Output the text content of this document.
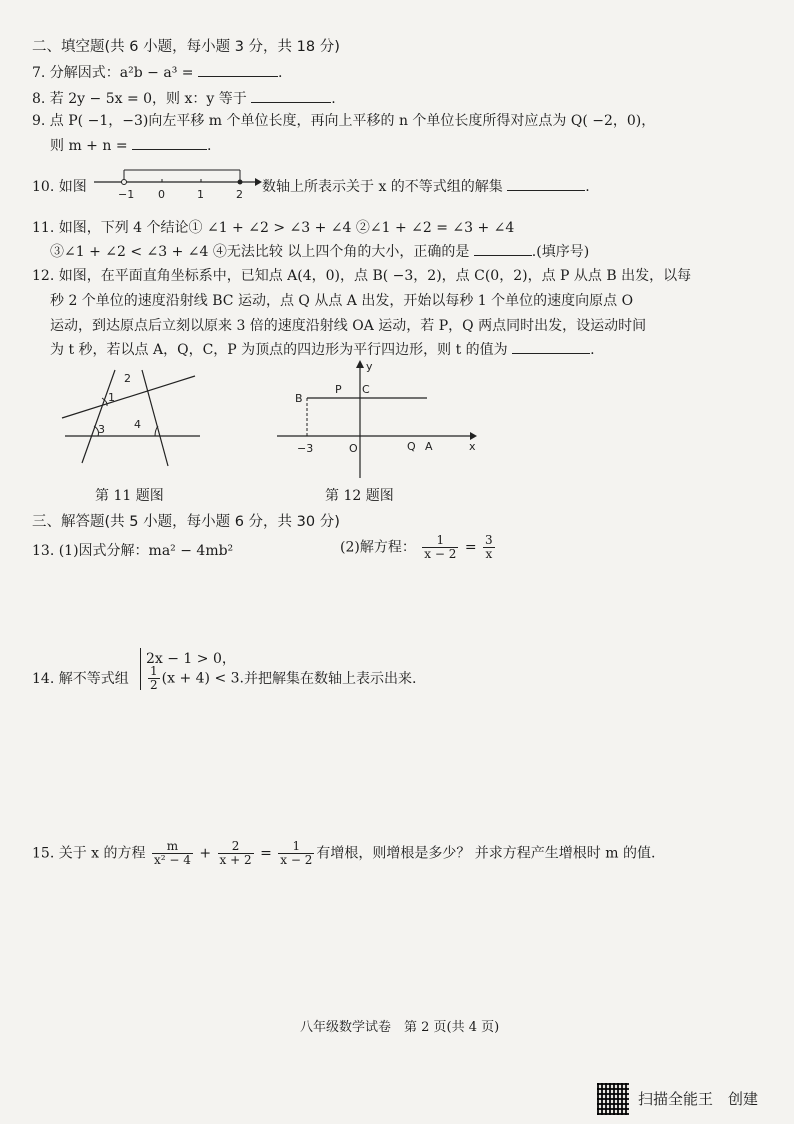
二、填空题(共 6 小题，每小题 3 分，共 18 分)
7. 分解因式：a²b − a³ =	.
8. 若 2y − 5x = 0，则 x：y 等于	.
9. 点 P( −1，−3)向左平移 m 个单位长度，再向上平移的 n 个单位长度所得对应点为 Q( −2，0)，
则 m + n =	.
10. 如图	−1 0	1	2 数轴上所表示关于 x 的不等式组的解集	.
11. 如图，下列 4 个结论① ∠1 + ∠2 > ∠3 + ∠4 ②∠1 + ∠2 = ∠3 + ∠4
③∠1 + ∠2 < ∠3 + ∠4 ④无法比较 以上四个角的大小，正确的是	.(填序号)
12. 如图，在平面直角坐标系中，已知点 A(4，0)，点 B( −3，2)，点 C(0，2)，点 P 从点 B 出发，以每
秒 2 个单位的速度沿射线 BC 运动，点 Q 从点 A 出发，开始以每秒 1 个单位的速度向原点 O
运动，到达原点后立刻以原来 3 倍的速度沿射线 OA 运动，若 P，Q 两点同时出发，设运动时间
为 t 秒，若以点 A，Q，C，P 为顶点的四边形为平行四边形，则 t 的值为	.
1
2
3	4
第 11 题图
y
x
B
P C
O	Q A
−3
第 12 题图
三、解答题(共 5 小题，每小题 6 分，共 30 分)
13. (1)因式分解：ma² − 4mb²	(2)解方程： $\frac{1}{x - 2} = \frac{3}{x}$
14. 解不等式组
2x − 1 > 0，
$\frac{1}{2} (x + 4) < 3$. 并把解集在数轴上表示出来.
15. 关于 x 的方程 $\frac{m}{\text{x² − 4}} + \frac{2}{x + 2} = \frac{1}{x - 2}$ 有增根，则增根是多少？ 并求方程产生增根时 m 的值.
八年级数学试卷　第 2 页(共 4 页)
扫描全能王　创建
